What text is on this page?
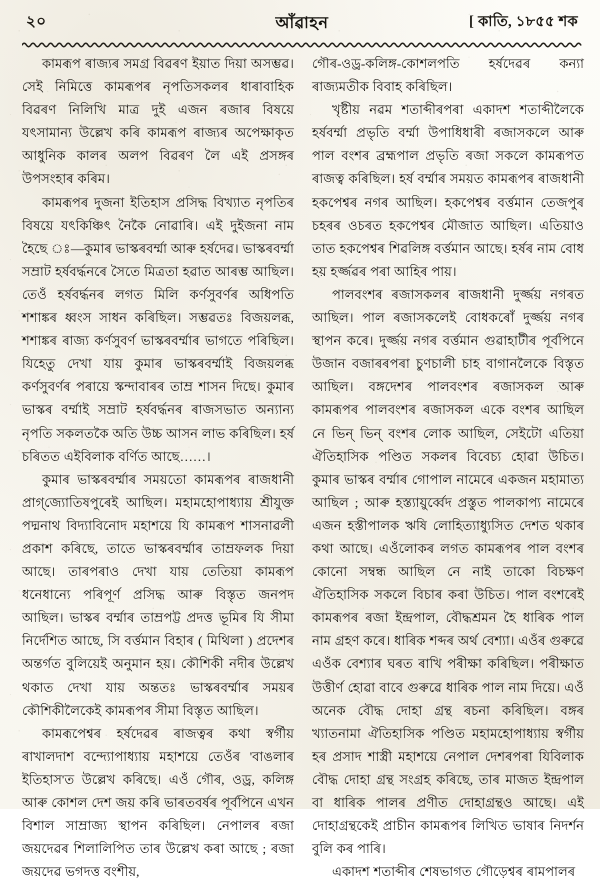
২০	আঁৱাহন	[ কাতি, ১৮৫৫ শক

কামৰূপ ৰাজ্যৰ সমগ্ৰ বিৱৰণ ইয়াত দিয়া অসম্ভৱ। সেই নিমিত্তে কামৰূপৰ নৃপতিসকলৰ ধাৰাবাহিক বিৱৰণ নিলিখি মাত্ৰ দুই এজন ৰজাৰ বিষয়ে যৎসামান্য উল্লেখ কৰি কামৰূপ ৰাজ্যৰ অপেক্ষাকৃত আধুনিক কালৰ অলপ বিৱৰণ লৈ এই প্ৰসঙ্গৰ উপসংহাৰ কৰিম।

কামৰূপৰ দুজনা ইতিহাস প্ৰসিদ্ধ বিখ্যাত নৃপতিৰ বিষয়ে যৎকিঞ্চিৎ নৈকৈ নোৱাৰি। এই দুইজনা নাম হৈছে ঃ—কুমাৰ ভাস্কৰবৰ্ম্মা আৰু হৰ্ষদেৱ। ভাস্কৰবৰ্ম্মা সম্ৰাট হৰ্ষবৰ্দ্ধনৰে সৈতে মিত্ৰতা হৱাত আৰম্ভ আছিল। তেওঁ হৰ্ষবৰ্দ্ধনৰ লগত মিলি কৰ্ণসুবৰ্ণৰ অধিপতি শশাঙ্কৰ ধ্বংস সাধন কৰিছিল। সম্ভৱতঃ বিজয়লব্ধ, শশাঙ্কৰ ৰাজ্য কৰ্ণসুবৰ্ণ ভাস্কৰবৰ্ম্মাৰ ভাগতে পৰিছিল। যিহেতু দেখা যায় কুমাৰ ভাস্কৰবৰ্ম্মাই বিজয়লব্ধ কৰ্ণসুবৰ্ণৰ পৰায়ে স্কন্দাবাৰৰ তাম্ৰ শাসন দিছে। কুমাৰ ভাস্কৰ বৰ্ম্মাই সম্ৰাট হৰ্ষবৰ্দ্ধনৰ ৰাজসভাত অন্যান্য নৃপতি সকলতকৈ অতি উচ্চ আসন লাভ কৰিছিল। হৰ্ষ চৰিতত এইবিলাক বৰ্ণিত আছে……।

কুমাৰ ভাস্কৰবৰ্ম্মাৰ সময়তো কামৰূপৰ ৰাজধানী প্ৰাগ্‌জ্যোতিষপুৰেই আছিল। মহামহোপাধ্যায় শ্ৰীযুক্ত পদ্মনাথ বিদ্যাবিনোদ মহাশয়ে যি কামৰূপ শাসনাৱলী প্ৰকাশ কৰিছে, তাতে ভাস্কৰবৰ্ম্মাৰ তাম্ৰফলক দিয়া আছে। তাৰপৰাও দেখা যায় তেতিয়া কামৰূপ ধনেধান্যে পৰিপূৰ্ণ প্ৰসিদ্ধ আৰু বিস্তৃত জনপদ আছিল। ভাস্কৰ বৰ্ম্মাৰ তাম্ৰপট্ট প্ৰদত্ত ভূমিৰ যি সীমা নিৰ্দেশিত আছে, সি বৰ্ত্তমান বিহাৰ ( মিথিলা ) প্ৰদেশৰ অন্তৰ্গত বুলিয়েই অনুমান হয়। কৌশিকী নদীৰ উল্লেখ থকাত দেখা যায় অন্ততঃ ভাস্কৰবৰ্ম্মাৰ সময়ৰ কৌশিকীলৈকেই কামৰূপৰ সীমা বিস্তৃত আছিল।

কামৰূপেশ্বৰ হৰ্ষদেৱৰ ৰাজত্বৰ কথা স্বৰ্গীয় ৰাখালদাশ বন্দ্যোপাধ্যায় মহাশয়ে তেওঁৰ 'বাঙলাৰ ইতিহাস'ত উল্লেখ কৰিছে। এওঁ গৌৰ, ওড্ৰ, কলিঙ্গ আৰু কোশল দেশ জয় কৰি ভাৰতবৰ্ষৰ পূৰ্বপিনে এখন বিশাল সাম্ৰাজ্য স্থাপন কৰিছিল। নেপালৰ ৰজা জয়দেৱৰ শিলালিপিত তাৰ উল্লেখ কৰা আছে ; ৰজা জয়দেৱ ভগদত্ত বংশীয়,

গৌৰ-ওড্ৰ-কলিঙ্গ-কোশলপতি হৰ্ষদেৱৰ কন্যা ৰাজ্যমতীক বিবাহ কৰিছিল।

খৃষ্টীয় নৱম শতাব্দীৰপৰা একাদশ শতাব্দীলৈকে হৰ্ষবৰ্ম্মা প্ৰভৃতি বৰ্ম্মা উপাধিধাৰী ৰজাসকলে আৰু পাল বংশৰ ব্ৰহ্মপাল প্ৰভৃতি ৰজা সকলে কামৰূপত ৰাজত্ব কৰিছিল। হৰ্ষ বৰ্ম্মাৰ সময়ত কামৰূপৰ ৰাজধানী হকপেশ্বৰ নগৰ আছিল। হকপেশ্বৰ বৰ্ত্তমান তেজপুৰ চহৰৰ ওচৰত হকপেশ্বৰ মৌজাত আছিল। এতিয়াও তাত হকপেশ্বৰ শিৱলিঙ্গ বৰ্ত্তমান আছে। হৰ্ষৰ নাম বোধ হয় হৰ্জ্জৱৰ পৰা আহিৰ পায়।

পালবংশৰ ৰজাসকলৰ ৰাজধানী দুৰ্জ্জয় নগৰত আছিল। পাল ৰজাসকলেই বোধকৰোঁ দুৰ্জ্জয় নগৰ স্থাপন কৰে। দুৰ্জ্জয় নগৰ বৰ্ত্তমান গুৱাহাটীৰ পূৰ্বপিনে উজান বজাৰৰপৰা চুণচালী চাহ বাগানলৈকে বিস্তৃত আছিল। বঙ্গদেশৰ পালবংশৰ ৰজাসকল আৰু কামৰূপৰ পালবংশৰ ৰজাসকল একে বংশৰ আছিল নে ভিন্ ভিন্ বংশৰ লোক আছিল, সেইটো এতিয়া ঐতিহাসিক পণ্ডিত সকলৰ বিবেচ্য হোৱা উচিত। কুমাৰ ভাস্কৰ বৰ্ম্মাৰ গোপাল নামেৰে একজন মহামাত্য আছিল ; আৰু হস্ত্যায়ুৰ্ব্বেদ প্ৰস্তুত পালকাপ্য নামেৰে এজন হস্তীপালক ঋষি লোহিত্যাধ্যুসিত দেশত থকাৰ কথা আছে। এওঁলোকৰ লগত কামৰূপৰ পাল বংশৰ কোনো সম্বন্ধ আছিল নে নাই তাকো বিচক্ষণ ঐতিহাসিক সকলে বিচাৰ কৰা উচিত। পাল বংশৰেই কামৰূপৰ ৰজা ইন্দ্ৰপাল, বৌদ্ধশ্ৰমন হৈ ধাৰিক পাল নাম গ্ৰহণ কৰে। ধাৰিক শব্দৰ অৰ্থ বেশ্যা। এওঁৰ গুৰুৱে এওঁক বেশ্যাৰ ঘৰত ৰাখি পৰীক্ষা কৰিছিল। পৰীক্ষাত উত্তীৰ্ণ হোৱা বাবে গুৰুৱে ধাৰিক পাল নাম দিয়ে। এওঁ অনেক বৌদ্ধ দোহা গ্ৰন্থ ৰচনা কৰিছিল। বঙ্গৰ খ্যাতনামা ঐতিহাসিক পণ্ডিত মহামহোপাধ্যায় স্বৰ্গীয় হৰ প্ৰসাদ শাস্ত্ৰী মহাশয়ে নেপাল দেশৰপৰা যিবিলাক বৌদ্ধ দোহা গ্ৰন্থ সংগ্ৰহ কৰিছে, তাৰ মাজত ইন্দ্ৰপাল বা ধাৰিক পালৰ প্ৰণীত দোহাগ্ৰন্থও আছে। এই দোহাগ্ৰন্থকেই প্ৰাচীন কামৰূপৰ লিখিত ভাষাৰ নিদৰ্শন বুলি কৰ পাৰি।

একাদশ শতাব্দীৰ শেষভাগত গৌড়েশ্বৰ ৰামপালৰ
